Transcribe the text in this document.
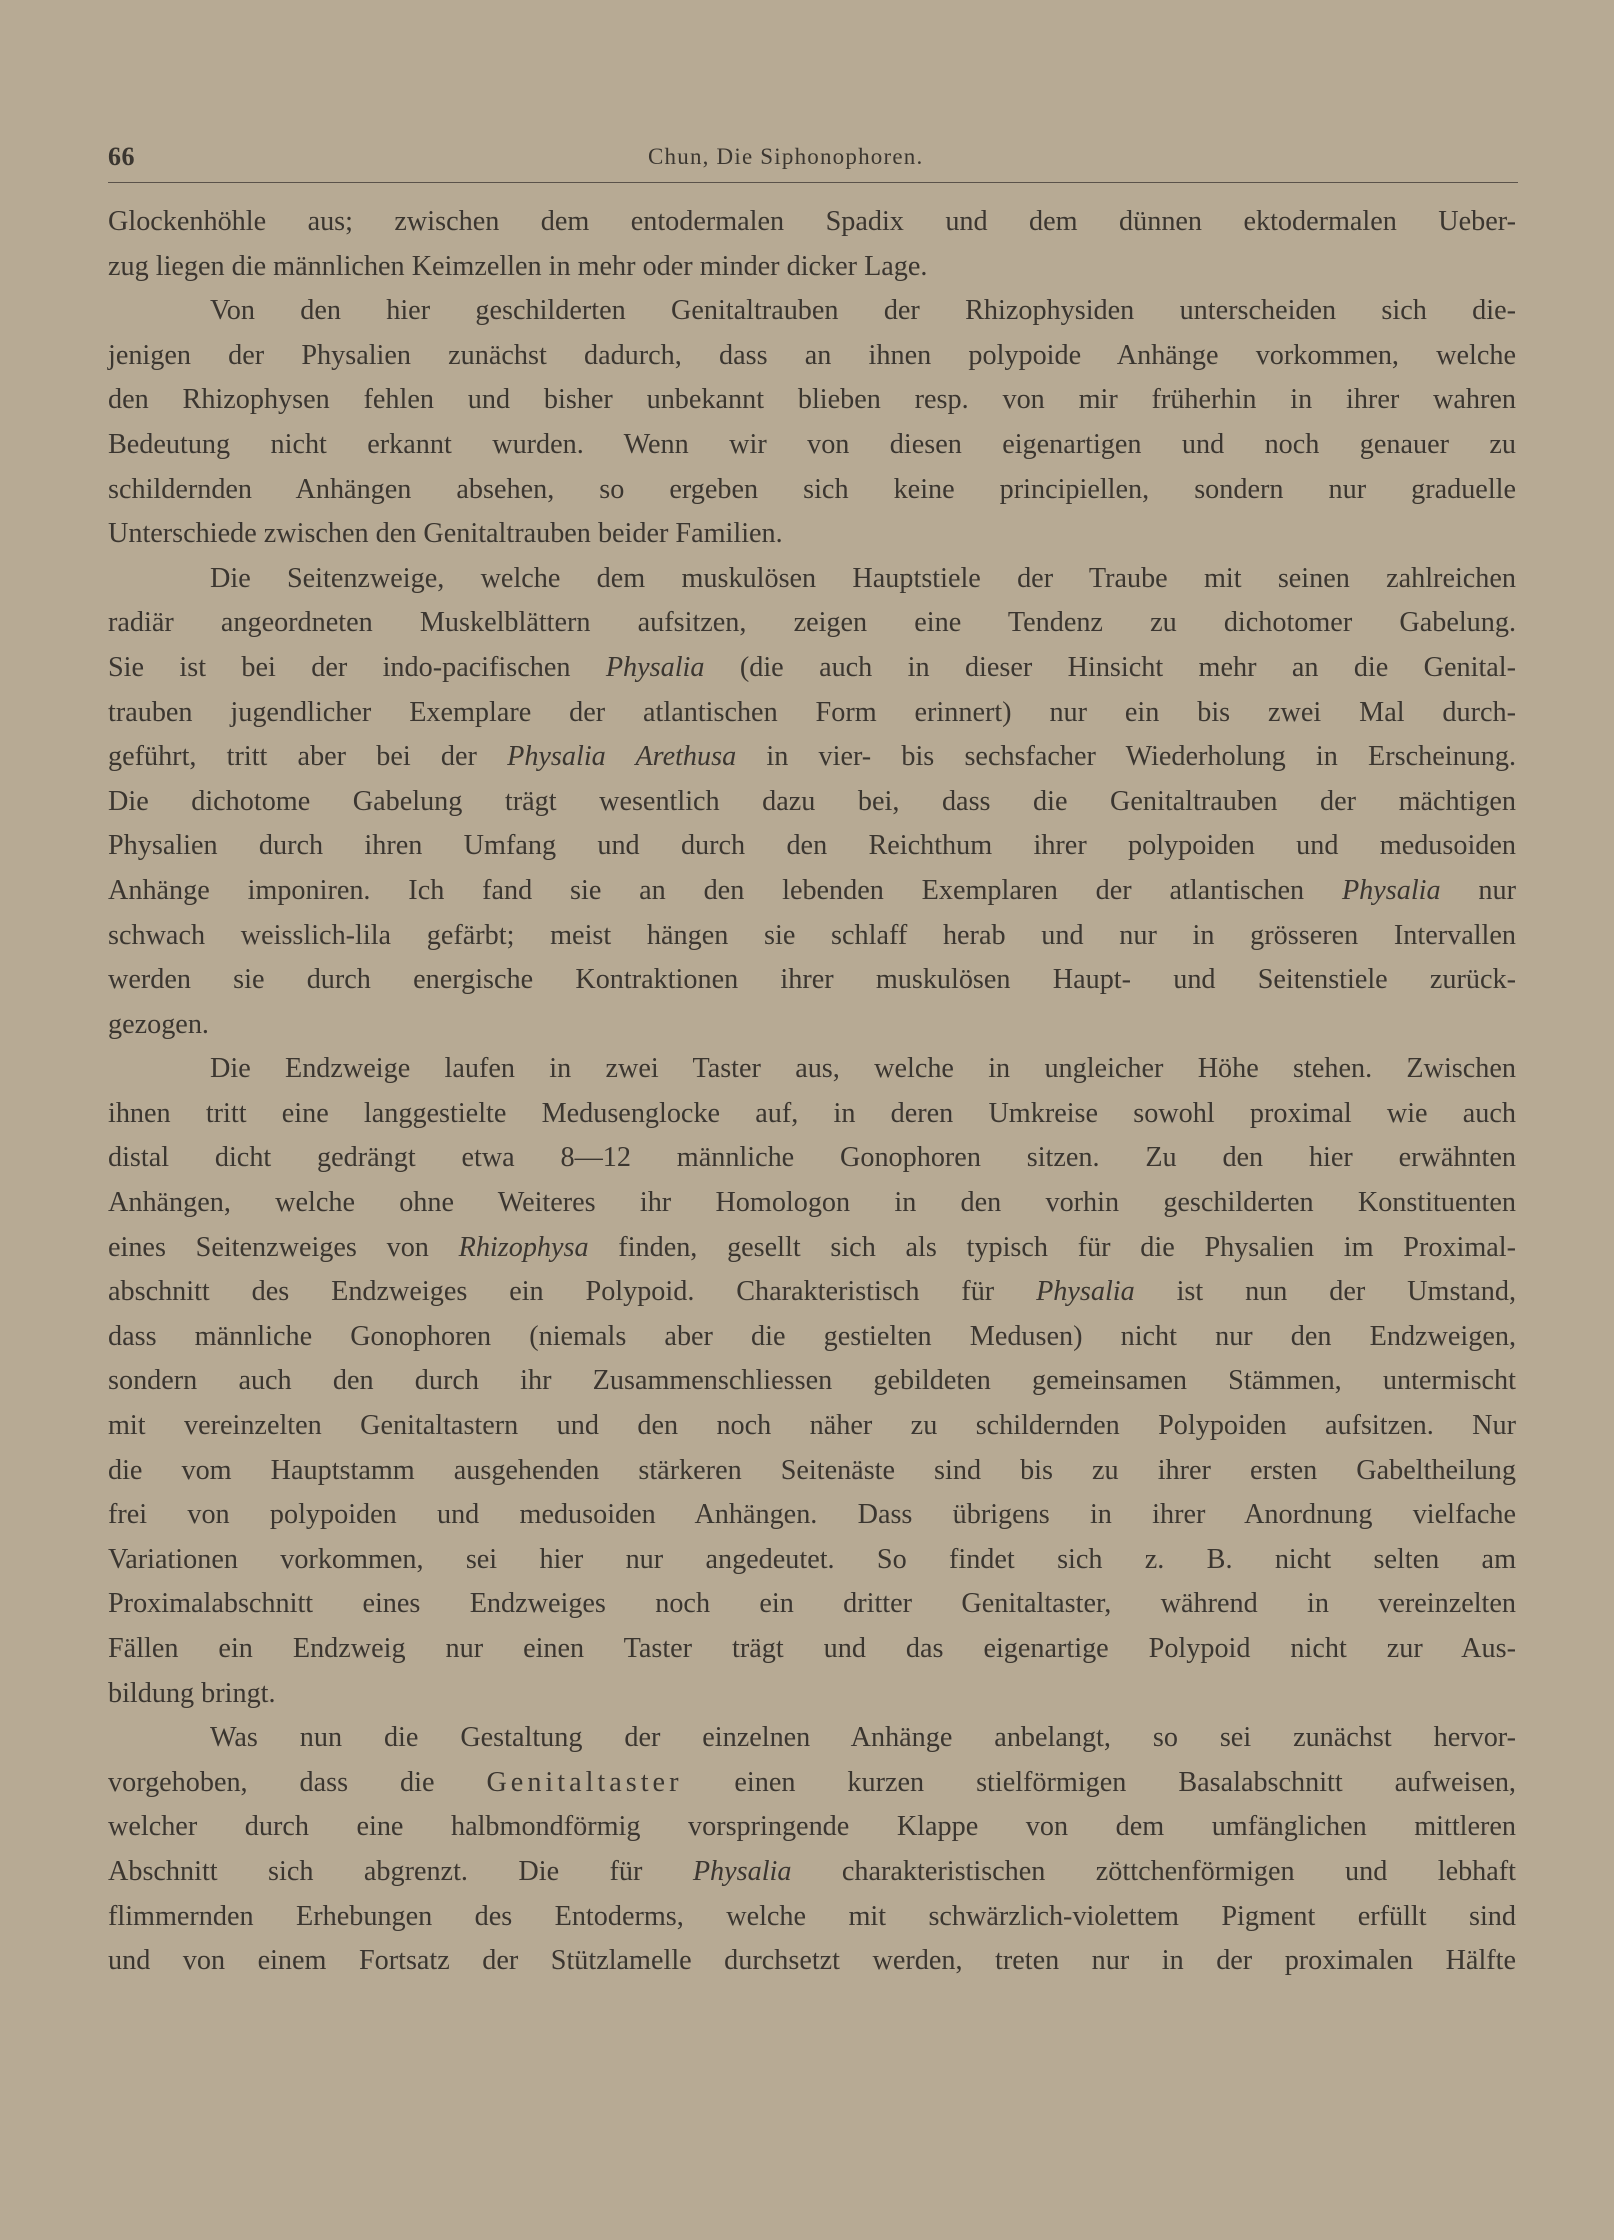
66	Chun, Die Siphonophoren.
Glockenhöhle aus; zwischen dem entodermalen Spadix und dem dünnen ektodermalen Ueber-
zug liegen die männlichen Keimzellen in mehr oder minder dicker Lage.
Von den hier geschilderten Genitaltrauben der Rhizophysiden unterscheiden sich die-
jenigen der Physalien zunächst dadurch, dass an ihnen polypoide Anhänge vorkommen, welche
den Rhizophysen fehlen und bisher unbekannt blieben resp. von mir früherhin in ihrer wahren
Bedeutung nicht erkannt wurden. Wenn wir von diesen eigenartigen und noch genauer zu
schildernden Anhängen absehen, so ergeben sich keine principiellen, sondern nur graduelle
Unterschiede zwischen den Genitaltrauben beider Familien.
Die Seitenzweige, welche dem muskulösen Hauptstiele der Traube mit seinen zahlreichen
radiär angeordneten Muskelblättern aufsitzen, zeigen eine Tendenz zu dichotomer Gabelung.
Sie ist bei der indo-pacifischen Physalia (die auch in dieser Hinsicht mehr an die Genital-
trauben jugendlicher Exemplare der atlantischen Form erinnert) nur ein bis zwei Mal durch-
geführt, tritt aber bei der Physalia Arethusa in vier- bis sechsfacher Wiederholung in Erscheinung.
Die dichotome Gabelung trägt wesentlich dazu bei, dass die Genitaltrauben der mächtigen
Physalien durch ihren Umfang und durch den Reichthum ihrer polypoiden und medusoiden
Anhänge imponiren. Ich fand sie an den lebenden Exemplaren der atlantischen Physalia nur
schwach weisslich-lila gefärbt; meist hängen sie schlaff herab und nur in grösseren Intervallen
werden sie durch energische Kontraktionen ihrer muskulösen Haupt- und Seitenstiele zurück-
gezogen.
Die Endzweige laufen in zwei Taster aus, welche in ungleicher Höhe stehen. Zwischen
ihnen tritt eine langgestielte Medusenglocke auf, in deren Umkreise sowohl proximal wie auch
distal dicht gedrängt etwa 8—12 männliche Gonophoren sitzen. Zu den hier erwähnten
Anhängen, welche ohne Weiteres ihr Homologon in den vorhin geschilderten Konstituenten
eines Seitenzweiges von Rhizophysa finden, gesellt sich als typisch für die Physalien im Proximal-
abschnitt des Endzweiges ein Polypoid. Charakteristisch für Physalia ist nun der Umstand,
dass männliche Gonophoren (niemals aber die gestielten Medusen) nicht nur den Endzweigen,
sondern auch den durch ihr Zusammenschliessen gebildeten gemeinsamen Stämmen, untermischt
mit vereinzelten Genitaltastern und den noch näher zu schildernden Polypoiden aufsitzen. Nur
die vom Hauptstamm ausgehenden stärkeren Seitenäste sind bis zu ihrer ersten Gabeltheilung
frei von polypoiden und medusoiden Anhängen. Dass übrigens in ihrer Anordnung vielfache
Variationen vorkommen, sei hier nur angedeutet. So findet sich z. B. nicht selten am
Proximalabschnitt eines Endzweiges noch ein dritter Genitaltaster, während in vereinzelten
Fällen ein Endzweig nur einen Taster trägt und das eigenartige Polypoid nicht zur Aus-
bildung bringt.
Was nun die Gestaltung der einzelnen Anhänge anbelangt, so sei zunächst hervor-
vorgehoben, dass die Genitaltaster einen kurzen stielförmigen Basalabschnitt aufweisen,
welcher durch eine halbmondförmig vorspringende Klappe von dem umfänglichen mittleren
Abschnitt sich abgrenzt. Die für Physalia charakteristischen zöttchenförmigen und lebhaft
flimmernden Erhebungen des Entoderms, welche mit schwärzlich-violettem Pigment erfüllt sind
und von einem Fortsatz der Stützlamelle durchsetzt werden, treten nur in der proximalen Hälfte
